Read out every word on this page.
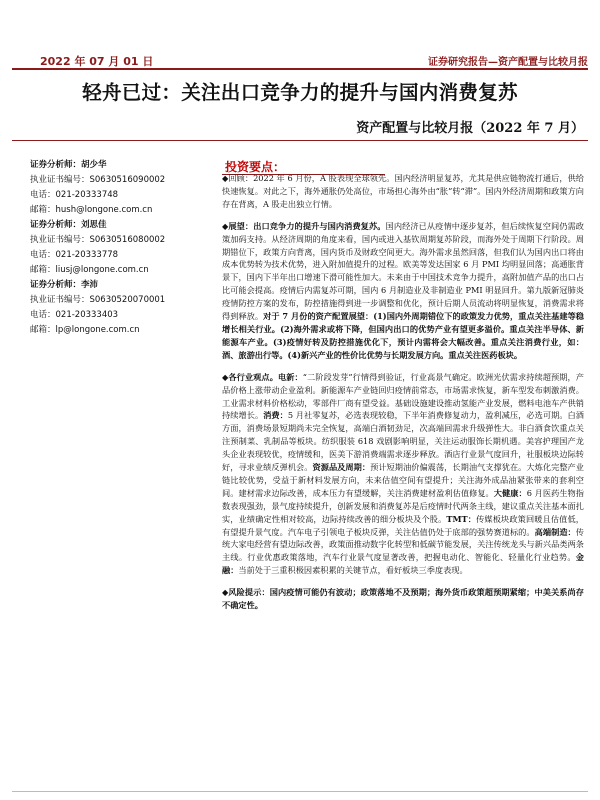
2022 年 07 月 01 日	证券研究报告—资产配置与比较月报
轻舟已过：关注出口竞争力的提升与国内消费复苏
资产配置与比较月报（2022 年 7 月）
证券分析师：胡少华
执业证书编号：S0630516090002
电话：021-20333748
邮箱：hush@longone.com.cn
证券分析师：刘思佳
执业证书编号：S0630516080002
电话：021-20333778
邮箱：liusj@longone.com.cn
证券分析师：李沛
执业证书编号：S0630520070001
电话：021-20333403
邮箱：lp@longone.com.cn
投资要点：

◆回顾：2022 年 6 月份，A 股表现全球领先。国内经济明显复苏，尤其是供应链物流打通后，供给快速恢复。对此之下，海外通胀仍处高位，市场担心海外由“胀”转“滞”。国内外经济周期和政策方向存在背离，A 股走出独立行情。

◆展望：出口竞争力的提升与国内消费复苏。国内经济已从疫情中逐步复苏，但后续恢复空间仍需政策加码支持。从经济周期的角度来看，国内或进入基钦周期复苏阶段，而海外处于周期下行阶段。周期错位下，政策方向背离，国内货币及财政空间更大。海外需求虽然回落，但我们认为国内出口将由成本优势转为技术优势，进入附加值提升的过程。欧美等发达国家 6 月 PMI 均明显回落；高通胀背景下，国内下半年出口增速下滑可能性加大。未来由于中国技术竞争力提升，高附加值产品的出口占比可能会提高。疫情后内需复苏可期，国内 6 月制造业及非制造业 PMI 明显回升。第九版新冠肺炎疫情防控方案的发布，防控措施得到进一步调整和优化，预计后期人员流动将明显恢复，消费需求将得到释放。对于 7 月份的资产配置展望：(1)国内外周期错位下的政策发力优势，重点关注基建等稳增长相关行业。(2)海外需求或将下降，但国内出口的优势产业有望更多溢价。重点关注半导体、新能源车产业。(3)疫情好转及防控措施优化下，预计内需将会大幅改善。重点关注消费行业，如：酒、旅游出行等。(4)新兴产业的性价比优势与长期发展方向。重点关注医药板块。

◆各行业观点。电新：“二阶段发芽”行情得到验证，行业高景气确定。欧洲光伏需求持续超预期，产品价格上涨带动企业盈利。新能源车产业链回归疫情前常态，市场需求恢复，新车型发布刺激消费。工业需求材料价格松动，零部件厂商有望受益。基础设施建设推动氢能产业发展，燃料电池车产供销持续增长。消费：5 月社零复苏，必选表现较稳，下半年消费修复动力，盈利减压，必选可期。白酒方面，消费场景短期尚未完全恢复，高端白酒韧劲足，次高端回需求升级弹性大。非白酒食饮重点关注预制菜、乳制品等板块。纺织服装 618 戏剧影响明显，关注运动服饰长期机遇。美容护理国产龙头企业表现较优，疫情缓和，医美下游消费端需求逐步释放。酒店行业景气度回升，社服板块边际转好，寻求业绩反弹机会。资源品及周期：预计短期油价偏震荡，长期油气支撑犹在。大炼化完整产业链比较优势，受益于新材料发展方向，未来估值空间有望提升；关注海外成品油紧张带来的套利空间。建材需求边际改善，成本压力有望缓解，关注消费建材盈利估值修复。大健康：6 月医药生物指数表现强劲，景气度持续提升，创新发展和消费复苏是后疫情时代两条主线，建议重点关注基本面扎实，业绩确定性相对较高，边际持续改善的细分板块及个股。TMT：传媒板块政策回暖且估值低，有望提升景气度。汽车电子引领电子板块反弹，关注估值仍处于底部的强势赛道标的。高端制造：传统大家电经营有望边际改善，政策面推动数字化转型和低碳节能发展，关注传统龙头与新兴品类两条主线。行业优惠政策落地，汽车行业景气度显著改善，把握电动化、智能化、轻量化行业趋势。金融：当前处于三重积极因素积累的关键节点，看好板块三季度表现。

◆风险提示：国内疫情可能仍有波动；政策落地不及预期；海外货币政策超预期紧缩；中美关系尚存不确定性。
